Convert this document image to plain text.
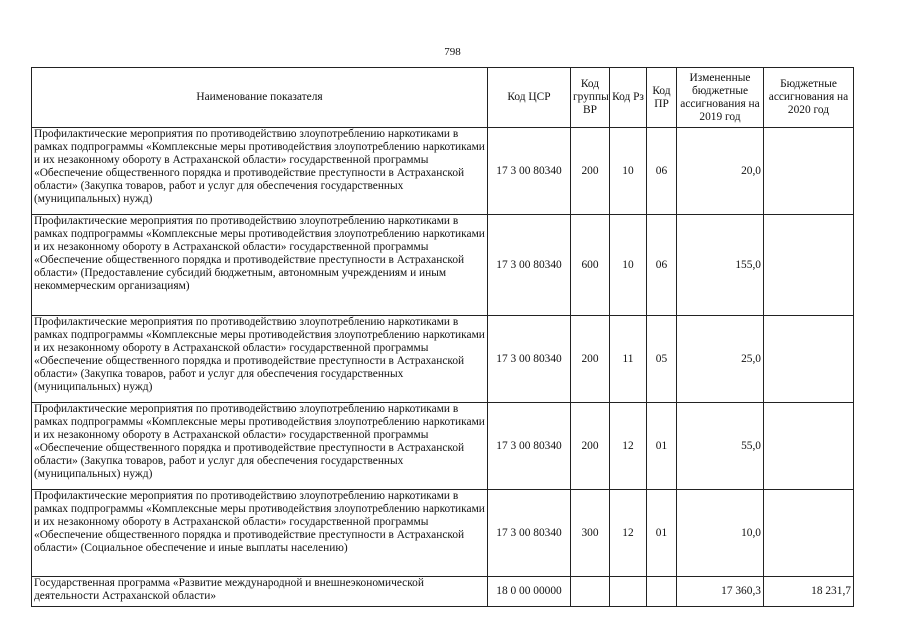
798
Наименование показателя	Код ЦСР	Код группы ВР	Код Рз	Код ПР	Измененные бюджетные ассигнования на 2019 год	Бюджетные ассигнования на 2020 год
Профилактические мероприятия по противодействию злоупотреблению наркотиками в рамках подпрограммы «Комплексные меры противодействия злоупотреблению наркотиками и их незаконному обороту в Астраханской области» государственной программы «Обеспечение общественного порядка и противодействие преступности в Астраханской области» (Закупка товаров, работ и услуг для обеспечения государственных (муниципальных) нужд)	17 3 00 80340	200	10	06	20,0	
Профилактические мероприятия по противодействию злоупотреблению наркотиками в рамках подпрограммы «Комплексные меры противодействия злоупотреблению наркотиками и их незаконному обороту в Астраханской области» государственной программы «Обеспечение общественного порядка и противодействие преступности в Астраханской области» (Предоставление субсидий бюджетным, автономным учреждениям и иным некоммерческим организациям)	17 3 00 80340	600	10	06	155,0	
Профилактические мероприятия по противодействию злоупотреблению наркотиками в рамках подпрограммы «Комплексные меры противодействия злоупотреблению наркотиками и их незаконному обороту в Астраханской области» государственной программы «Обеспечение общественного порядка и противодействие преступности в Астраханской области» (Закупка товаров, работ и услуг для обеспечения государственных (муниципальных) нужд)	17 3 00 80340	200	11	05	25,0	
Профилактические мероприятия по противодействию злоупотреблению наркотиками в рамках подпрограммы «Комплексные меры противодействия злоупотреблению наркотиками и их незаконному обороту в Астраханской области» государственной программы «Обеспечение общественного порядка и противодействие преступности в Астраханской области» (Закупка товаров, работ и услуг для обеспечения государственных (муниципальных) нужд)	17 3 00 80340	200	12	01	55,0	
Профилактические мероприятия по противодействию злоупотреблению наркотиками в рамках подпрограммы «Комплексные меры противодействия злоупотреблению наркотиками и их незаконному обороту в Астраханской области» государственной программы «Обеспечение общественного порядка и противодействие преступности в Астраханской области» (Социальное обеспечение и иные выплаты населению)	17 3 00 80340	300	12	01	10,0	
Государственная программа «Развитие международной и внешнеэкономической деятельности Астраханской области»	18 0 00 00000				17 360,3	18 231,7
